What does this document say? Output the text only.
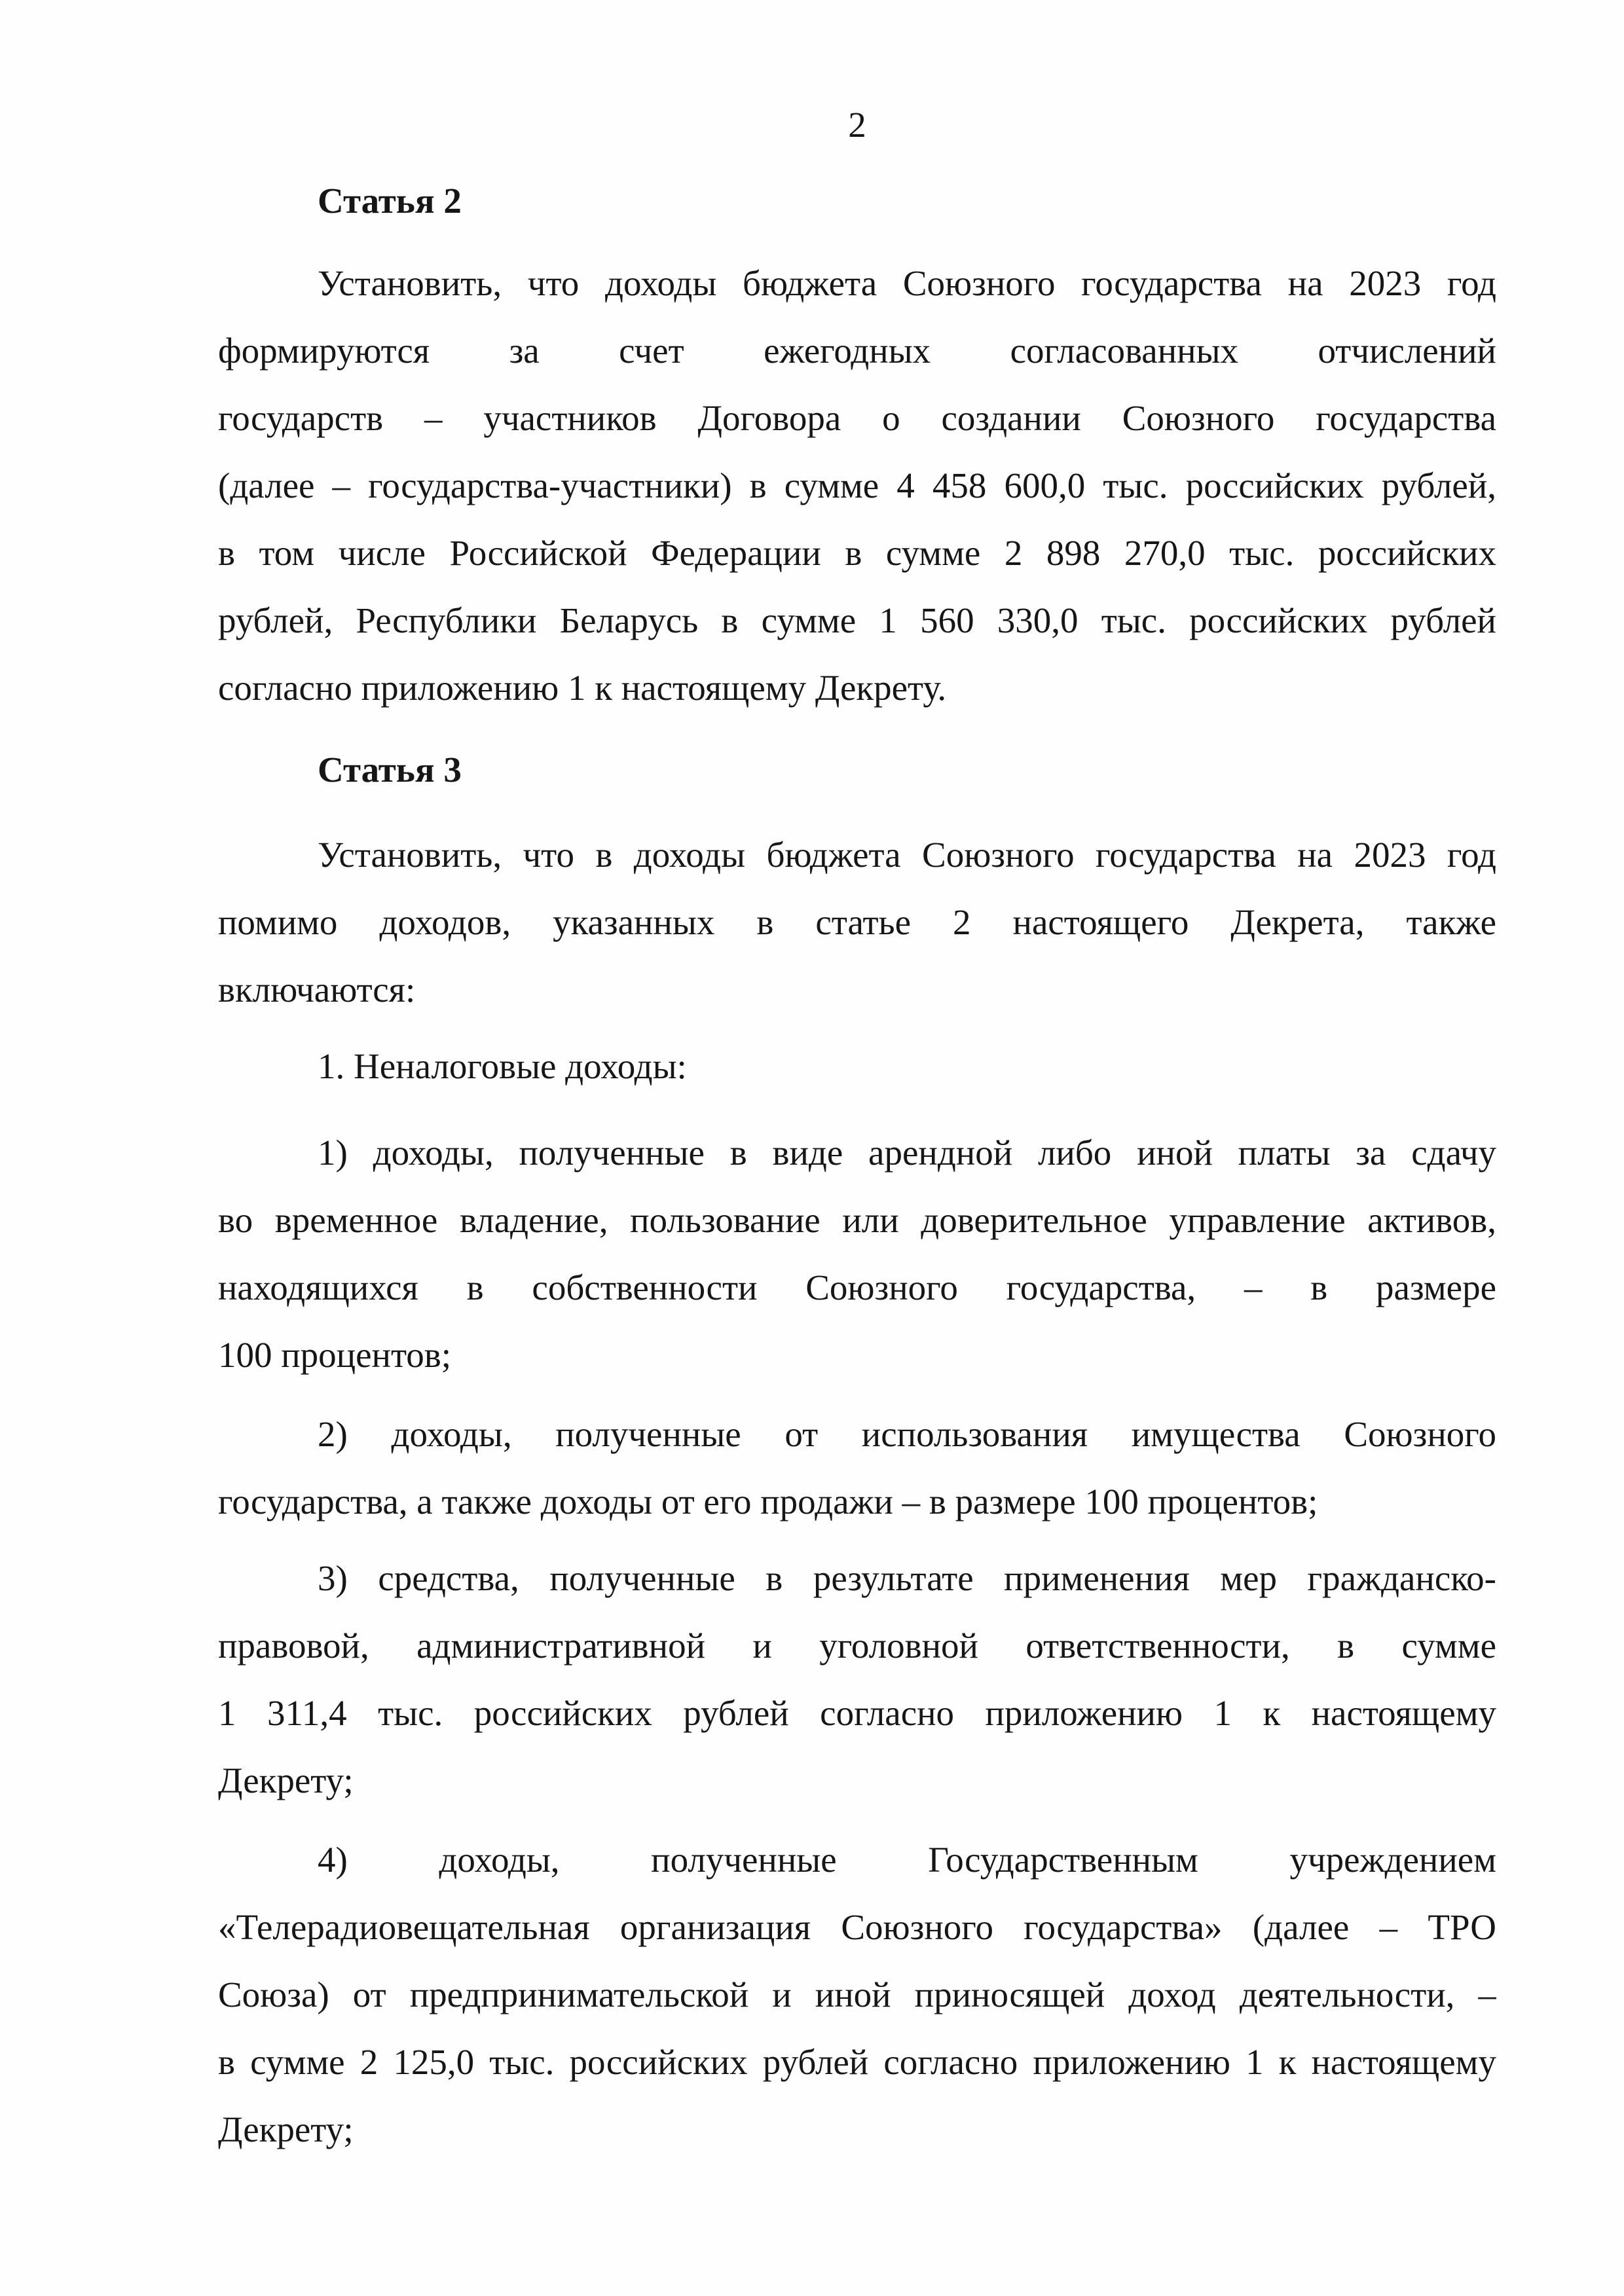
2
Статья 2
Установить, что доходы бюджета Союзного государства на 2023 год
формируются за счет ежегодных согласованных отчислений
государств – участников Договора о создании Союзного государства
(далее – государства-участники) в сумме 4 458 600,0 тыс. российских рублей,
в том числе Российской Федерации в сумме 2 898 270,0 тыс. российских
рублей, Республики Беларусь в сумме 1 560 330,0 тыс. российских рублей
согласно приложению 1 к настоящему Декрету.
Статья 3
Установить, что в доходы бюджета Союзного государства на 2023 год
помимо доходов, указанных в статье 2 настоящего Декрета, также
включаются:
1. Неналоговые доходы:
1) доходы, полученные в виде арендной либо иной платы за сдачу
во временное владение, пользование или доверительное управление активов,
находящихся в собственности Союзного государства, – в размере
100 процентов;
2) доходы, полученные от использования имущества Союзного
государства, а также доходы от его продажи – в размере 100 процентов;
3) средства, полученные в результате применения мер гражданско-
правовой, административной и уголовной ответственности, в сумме
1 311,4 тыс. российских рублей согласно приложению 1 к настоящему
Декрету;
4) доходы, полученные Государственным учреждением
«Телерадиовещательная организация Союзного государства» (далее – ТРО
Союза) от предпринимательской и иной приносящей доход деятельности, –
в сумме 2 125,0 тыс. российских рублей согласно приложению 1 к настоящему
Декрету;
